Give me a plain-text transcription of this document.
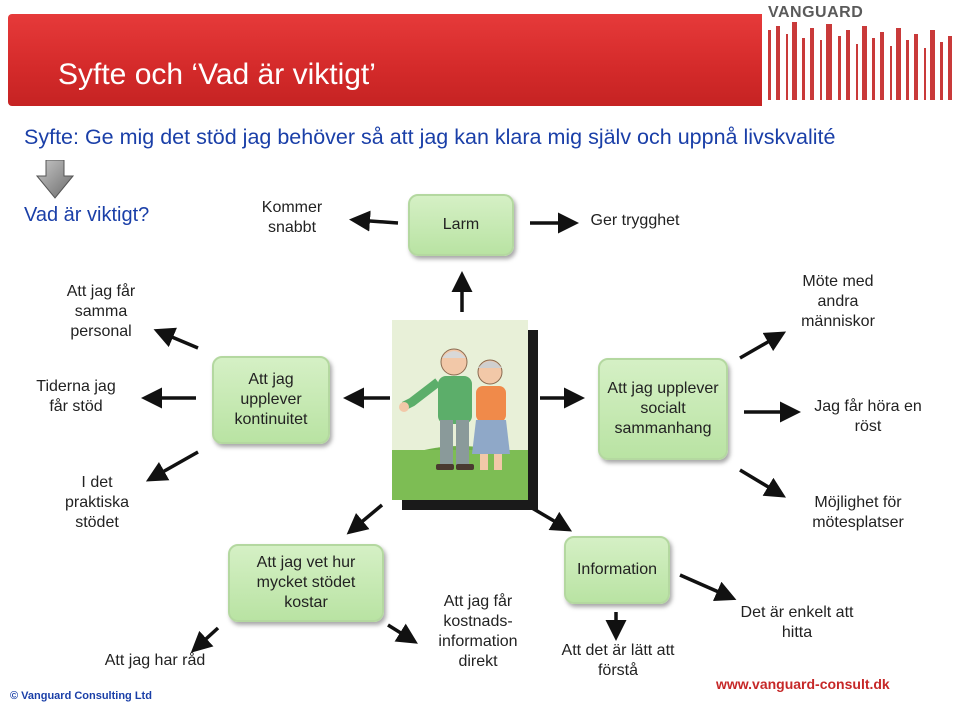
Syfte och ‘Vad är viktigt’
VANGUARD
Syfte: Ge mig det stöd jag behöver så att jag kan klara mig själv och uppnå livskvalité
Vad är viktigt?	Kommer snabbt	Larm	Ger trygghet
Att jag får samma personal
Möte med andra människor
Tiderna jag får stöd
Att jag upplever kontinuitet
Att jag upplever socialt sammanhang
Jag får höra en röst
I det praktiska stödet
Möjlighet för mötesplatser
Att jag vet hur mycket stödet kostar
Information
Att jag har råd
Att jag får kostnads-information direkt
Att det är lätt att förstå
Det är enkelt att hitta
© Vanguard Consulting Ltd
www.vanguard-consult.dk
